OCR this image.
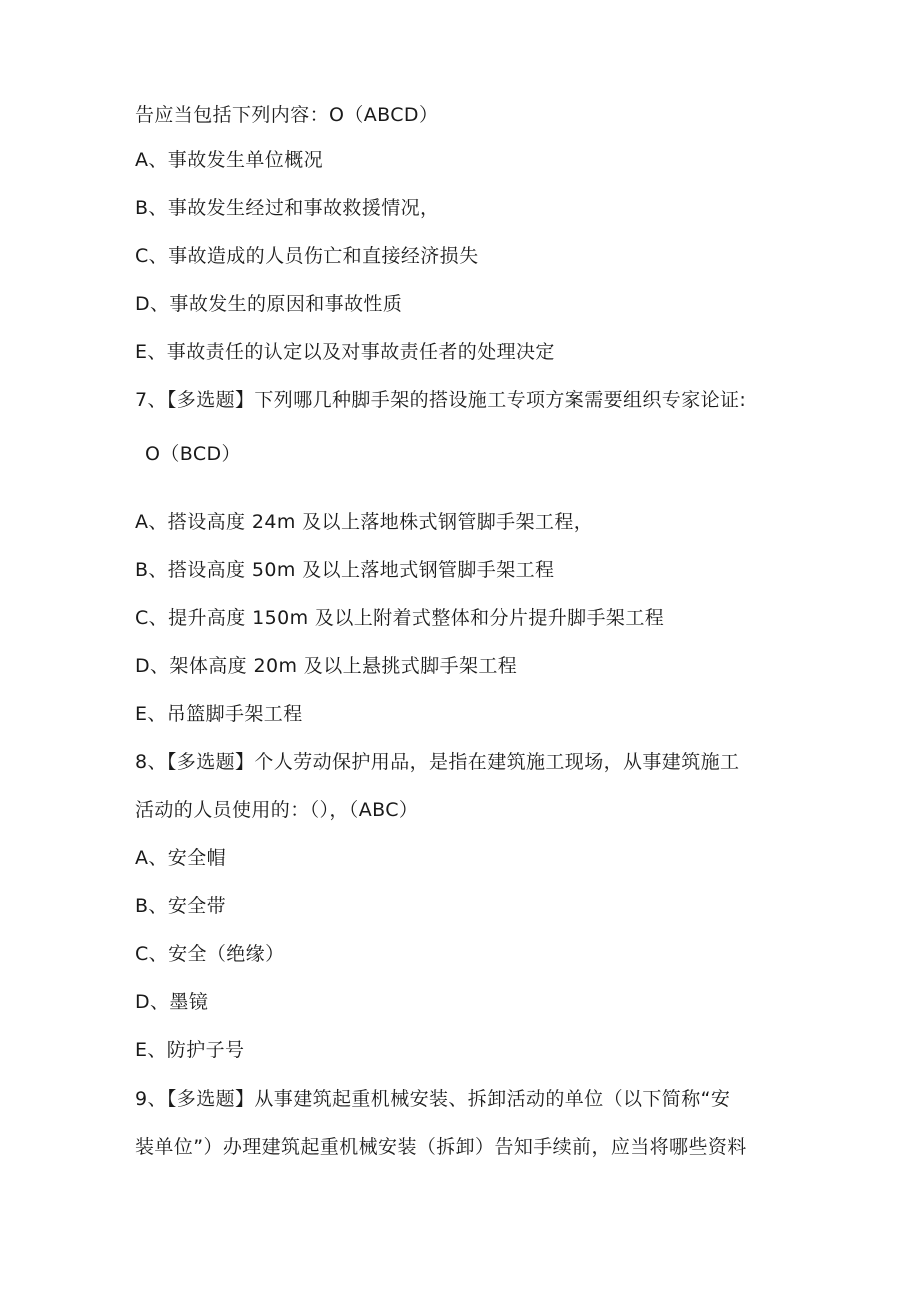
告应当包括下列内容：O（ABCD）
A、事故发生单位概况
B、事故发生经过和事故救援情况，
C、事故造成的人员伤亡和直接经济损失
D、事故发生的原因和事故性质
E、事故责任的认定以及对事故责任者的处理决定
7、【多选题】下列哪几种脚手架的搭设施工专项方案需要组织专家论证:
O（BCD）
A、搭设高度 24m 及以上落地株式钢管脚手架工程，
B、搭设高度 50m 及以上落地式钢管脚手架工程
C、提升高度 150m 及以上附着式整体和分片提升脚手架工程
D、架体高度 20m 及以上悬挑式脚手架工程
E、吊篮脚手架工程
8、【多选题】个人劳动保护用品，是指在建筑施工现场，从事建筑施工
活动的人员使用的：（），（ABC）
A、安全帽
B、安全带
C、安全（绝缘）
D、墨镜
E、防护子号
9、【多选题】从事建筑起重机械安装、拆卸活动的单位（以下简称“安
装单位”）办理建筑起重机械安装（拆卸）告知手续前，应当将哪些资料
